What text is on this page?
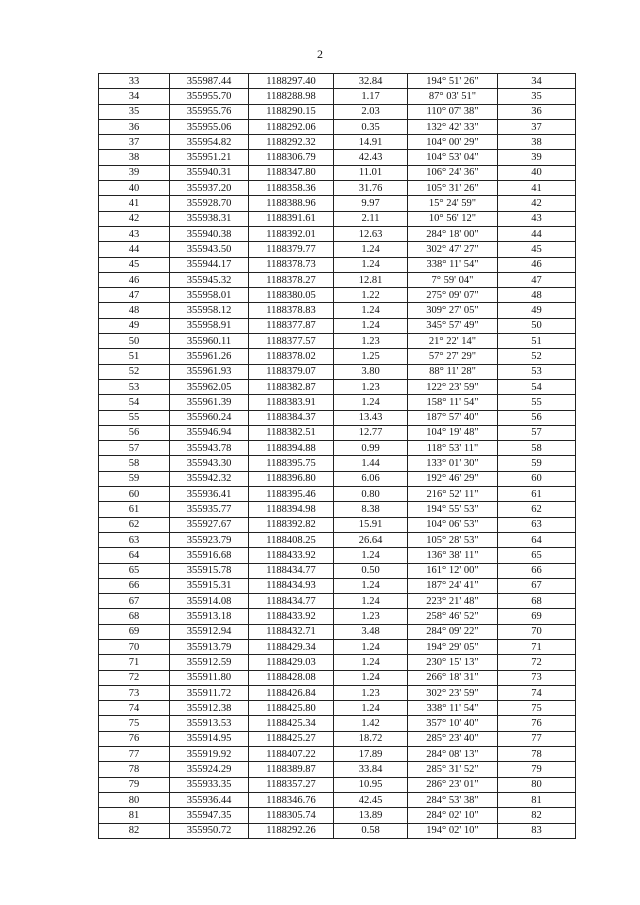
2
33	355987.44	1188297.40	32.84	194° 51' 26"	34
34	355955.70	1188288.98	1.17	87° 03' 51"	35
35	355955.76	1188290.15	2.03	110° 07' 38"	36
36	355955.06	1188292.06	0.35	132° 42' 33"	37
37	355954.82	1188292.32	14.91	104° 00' 29"	38
38	355951.21	1188306.79	42.43	104° 53' 04"	39
39	355940.31	1188347.80	11.01	106° 24' 36"	40
40	355937.20	1188358.36	31.76	105° 31' 26"	41
41	355928.70	1188388.96	9.97	15° 24' 59"	42
42	355938.31	1188391.61	2.11	10° 56' 12"	43
43	355940.38	1188392.01	12.63	284° 18' 00"	44
44	355943.50	1188379.77	1.24	302° 47' 27"	45
45	355944.17	1188378.73	1.24	338° 11' 54"	46
46	355945.32	1188378.27	12.81	7° 59' 04"	47
47	355958.01	1188380.05	1.22	275° 09' 07"	48
48	355958.12	1188378.83	1.24	309° 27' 05"	49
49	355958.91	1188377.87	1.24	345° 57' 49"	50
50	355960.11	1188377.57	1.23	21° 22' 14"	51
51	355961.26	1188378.02	1.25	57° 27' 29"	52
52	355961.93	1188379.07	3.80	88° 11' 28"	53
53	355962.05	1188382.87	1.23	122° 23' 59"	54
54	355961.39	1188383.91	1.24	158° 11' 54"	55
55	355960.24	1188384.37	13.43	187° 57' 40"	56
56	355946.94	1188382.51	12.77	104° 19' 48"	57
57	355943.78	1188394.88	0.99	118° 53' 11"	58
58	355943.30	1188395.75	1.44	133° 01' 30"	59
59	355942.32	1188396.80	6.06	192° 46' 29"	60
60	355936.41	1188395.46	0.80	216° 52' 11"	61
61	355935.77	1188394.98	8.38	194° 55' 53"	62
62	355927.67	1188392.82	15.91	104° 06' 53"	63
63	355923.79	1188408.25	26.64	105° 28' 53"	64
64	355916.68	1188433.92	1.24	136° 38' 11"	65
65	355915.78	1188434.77	0.50	161° 12' 00"	66
66	355915.31	1188434.93	1.24	187° 24' 41"	67
67	355914.08	1188434.77	1.24	223° 21' 48"	68
68	355913.18	1188433.92	1.23	258° 46' 52"	69
69	355912.94	1188432.71	3.48	284° 09' 22"	70
70	355913.79	1188429.34	1.24	194° 29' 05"	71
71	355912.59	1188429.03	1.24	230° 15' 13"	72
72	355911.80	1188428.08	1.24	266° 18' 31"	73
73	355911.72	1188426.84	1.23	302° 23' 59"	74
74	355912.38	1188425.80	1.24	338° 11' 54"	75
75	355913.53	1188425.34	1.42	357° 10' 40"	76
76	355914.95	1188425.27	18.72	285° 23' 40"	77
77	355919.92	1188407.22	17.89	284° 08' 13"	78
78	355924.29	1188389.87	33.84	285° 31' 52"	79
79	355933.35	1188357.27	10.95	286° 23' 01"	80
80	355936.44	1188346.76	42.45	284° 53' 38"	81
81	355947.35	1188305.74	13.89	284° 02' 10"	82
82	355950.72	1188292.26	0.58	194° 02' 10"	83
